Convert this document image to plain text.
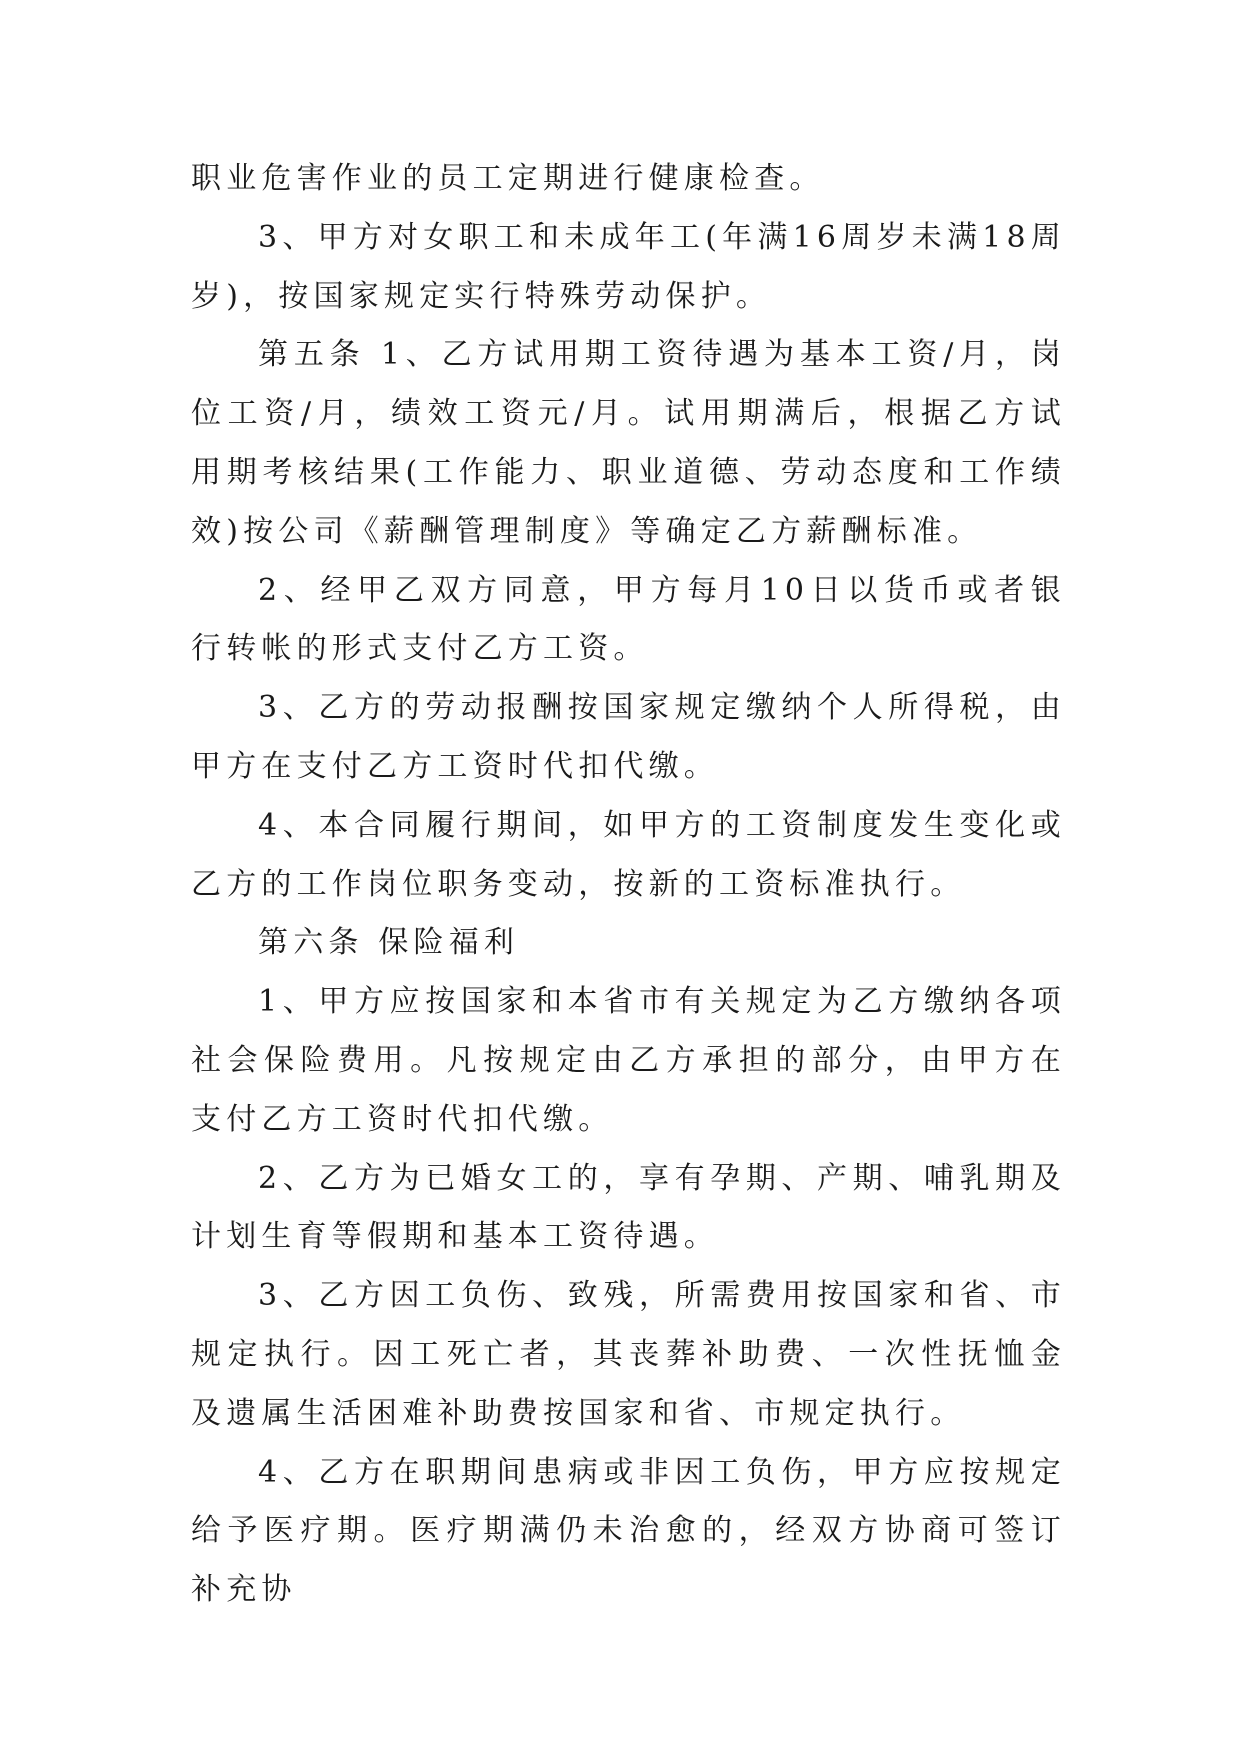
职业危害作业的员工定期进行健康检查。

3、甲方对女职工和未成年工(年满16周岁未满18周岁)，按国家规定实行特殊劳动保护。

第五条 1、乙方试用期工资待遇为基本工资/月，岗位工资/月，绩效工资元/月。试用期满后，根据乙方试用期考核结果(工作能力、职业道德、劳动态度和工作绩效)按公司《薪酬管理制度》等确定乙方薪酬标准。

2、经甲乙双方同意，甲方每月10日以货币或者银行转帐的形式支付乙方工资。

3、乙方的劳动报酬按国家规定缴纳个人所得税，由甲方在支付乙方工资时代扣代缴。

4、本合同履行期间，如甲方的工资制度发生变化或乙方的工作岗位职务变动，按新的工资标准执行。

第六条 保险福利

1、甲方应按国家和本省市有关规定为乙方缴纳各项社会保险费用。凡按规定由乙方承担的部分，由甲方在支付乙方工资时代扣代缴。

2、乙方为已婚女工的，享有孕期、产期、哺乳期及计划生育等假期和基本工资待遇。

3、乙方因工负伤、致残，所需费用按国家和省、市规定执行。因工死亡者，其丧葬补助费、一次性抚恤金及遗属生活困难补助费按国家和省、市规定执行。

4、乙方在职期间患病或非因工负伤，甲方应按规定给予医疗期。医疗期满仍未治愈的，经双方协商可签订补充协
